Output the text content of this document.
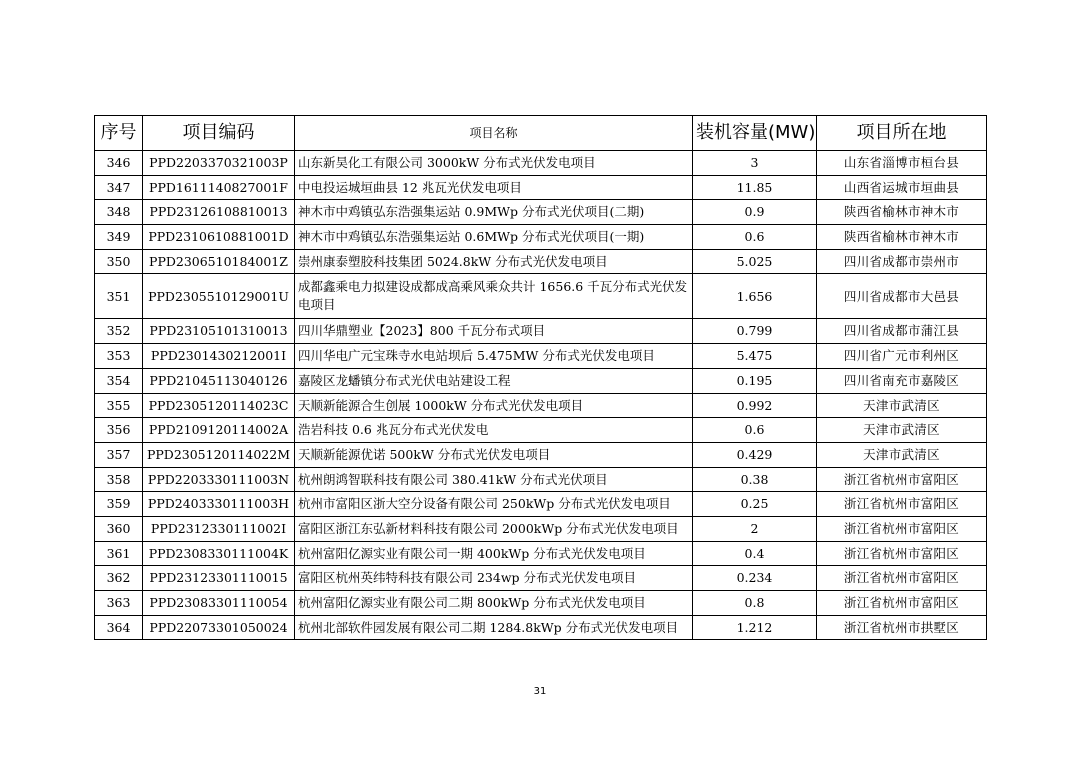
序号	项目编码	项目名称	装机容量(MW)	项目所在地
346	PPD2203370321003P	山东新昊化工有限公司 3000kW 分布式光伏发电项目	3	山东省淄博市桓台县
347	PPD1611140827001F	中电投运城垣曲县 12 兆瓦光伏发电项目	11.85	山西省运城市垣曲县
348	PPD23126108810013	神木市中鸡镇弘东浩强集运站 0.9MWp 分布式光伏项目(二期)	0.9	陕西省榆林市神木市
349	PPD2310610881001D	神木市中鸡镇弘东浩强集运站 0.6MWp 分布式光伏项目(一期)	0.6	陕西省榆林市神木市
350	PPD2306510184001Z	崇州康泰塑胶科技集团 5024.8kW 分布式光伏发电项目	5.025	四川省成都市崇州市
351	PPD2305510129001U	成都鑫乘电力拟建设成都成高乘风乘众共计 1656.6 千瓦分布式光伏发电项目	1.656	四川省成都市大邑县
352	PPD23105101310013	四川华鼎塑业【2023】800 千瓦分布式项目	0.799	四川省成都市蒲江县
353	PPD2301430212001I	四川华电广元宝珠寺水电站坝后 5.475MW 分布式光伏发电项目	5.475	四川省广元市利州区
354	PPD21045113040126	嘉陵区龙蟠镇分布式光伏电站建设工程	0.195	四川省南充市嘉陵区
355	PPD2305120114023C	天顺新能源合生创展 1000kW 分布式光伏发电项目	0.992	天津市武清区
356	PPD2109120114002A	浩岩科技 0.6 兆瓦分布式光伏发电	0.6	天津市武清区
357	PPD2305120114022M	天顺新能源优诺 500kW 分布式光伏发电项目	0.429	天津市武清区
358	PPD2203330111003N	杭州朗鸿智联科技有限公司 380.41kW 分布式光伏项目	0.38	浙江省杭州市富阳区
359	PPD2403330111003H	杭州市富阳区浙大空分设备有限公司 250kWp 分布式光伏发电项目	0.25	浙江省杭州市富阳区
360	PPD2312330111002I	富阳区浙江东弘新材料科技有限公司 2000kWp 分布式光伏发电项目	2	浙江省杭州市富阳区
361	PPD2308330111004K	杭州富阳亿源实业有限公司一期 400kWp 分布式光伏发电项目	0.4	浙江省杭州市富阳区
362	PPD23123301110015	富阳区杭州英纬特科技有限公司 234wp 分布式光伏发电项目	0.234	浙江省杭州市富阳区
363	PPD23083301110054	杭州富阳亿源实业有限公司二期 800kWp 分布式光伏发电项目	0.8	浙江省杭州市富阳区
364	PPD22073301050024	杭州北部软件园发展有限公司二期 1284.8kWp 分布式光伏发电项目	1.212	浙江省杭州市拱墅区
31
